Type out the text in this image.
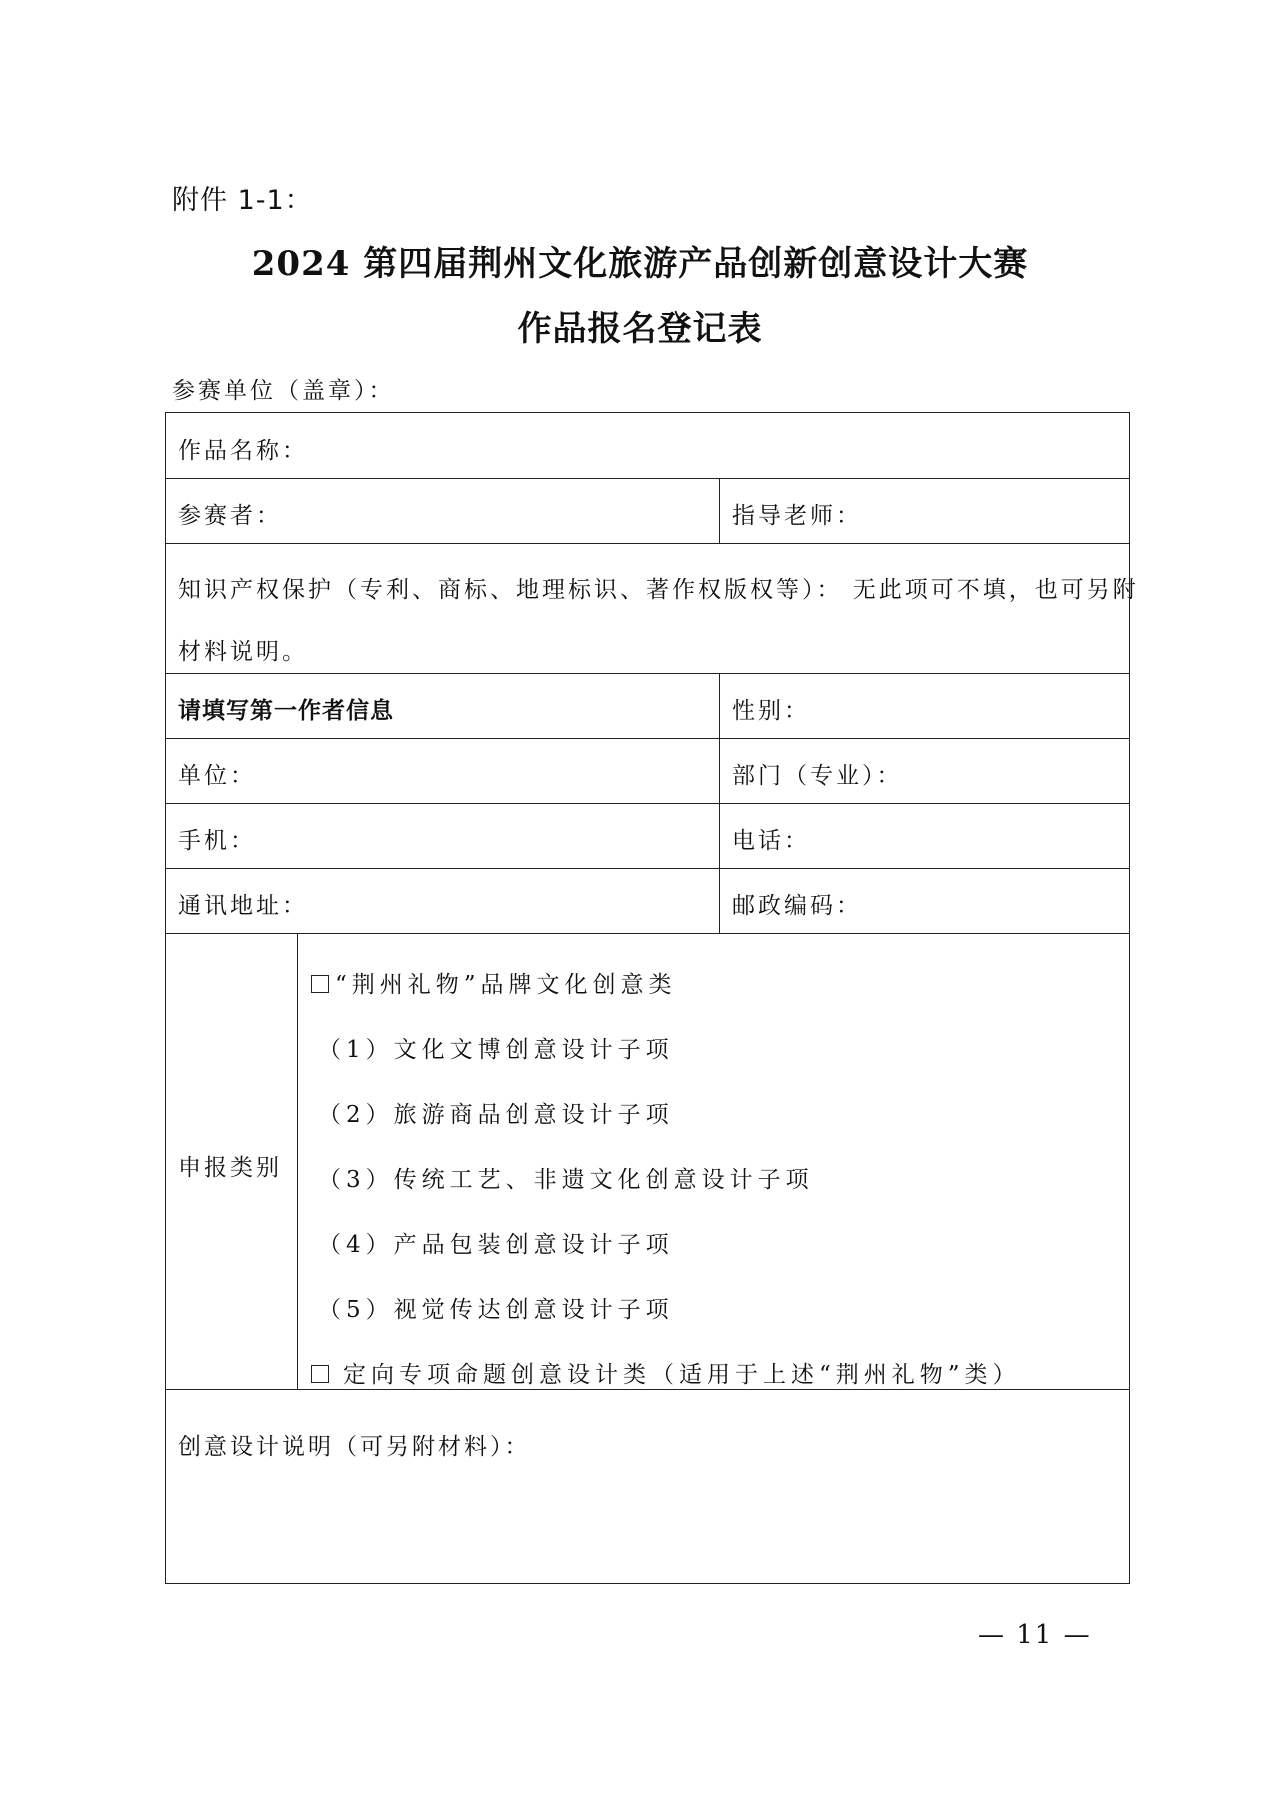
附件 1-1：
2024 第四届荆州文化旅游产品创新创意设计大赛
作品报名登记表
参赛单位（盖章）：
作品名称：
参赛者：	指导老师：
知识产权保护（专利、商标、地理标识、著作权版权等）： 无此项可不填，也可另附
材料说明。
请填写第一作者信息	性别：
单位：	部门（专业）：
手机：	电话：
通讯地址：	邮政编码：
申报类别
“荆州礼物”品牌文化创意类
（1）文化文博创意设计子项
（2）旅游商品创意设计子项
（3）传统工艺、非遗文化创意设计子项
（4）产品包装创意设计子项
（5）视觉传达创意设计子项
定向专项命题创意设计类（适用于上述“荆州礼物”类）
创意设计说明（可另附材料）：
— 11 —
